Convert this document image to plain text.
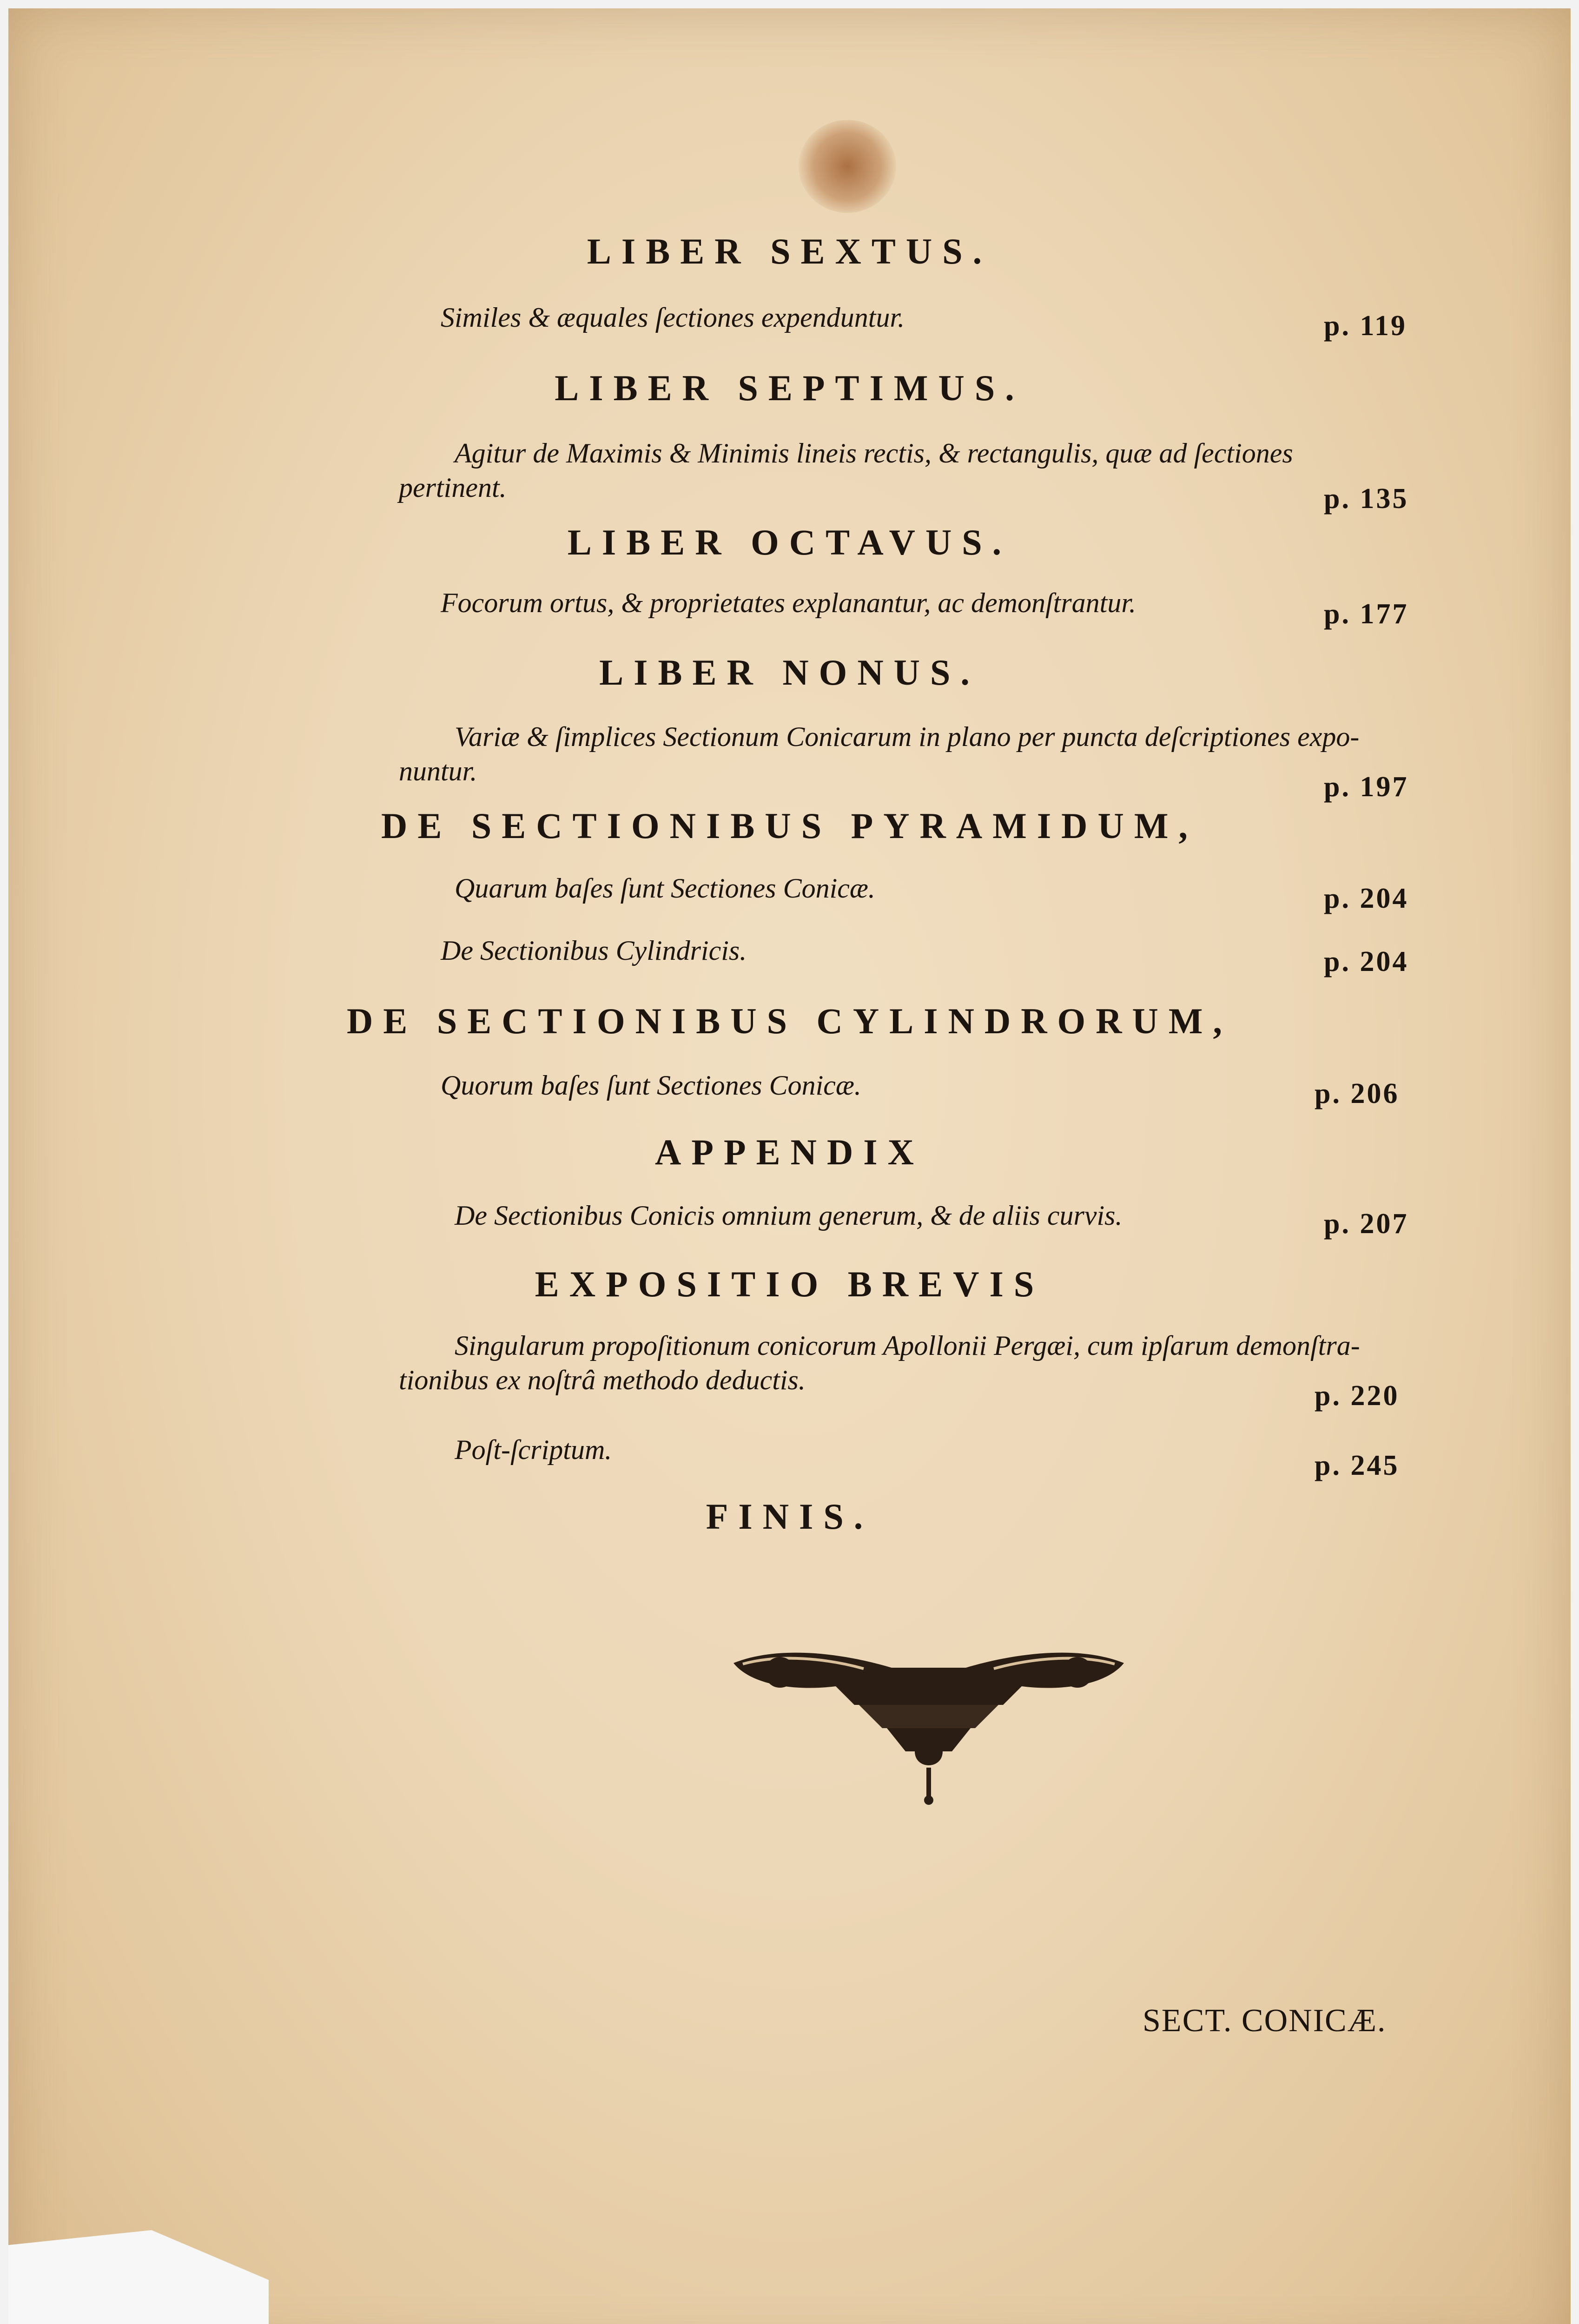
LIBER SEXTUS.
Similes & æquales ſectiones expenduntur.	p. 119
LIBER SEPTIMUS.
Agitur de Maximis & Minimis lineis rectis, & rectangulis, quæ ad ſectiones
pertinent.	p. 135
LIBER OCTAVUS.
Focorum ortus, & proprietates explanantur, ac demonſtrantur.	p. 177
LIBER NONUS.
Variæ & ſimplices Sectionum Conicarum in plano per puncta deſcriptiones expo-
nuntur.	p. 197
DE SECTIONIBUS PYRAMIDUM,
Quarum baſes ſunt Sectiones Conicæ.	p. 204
De Sectionibus Cylindricis.	p. 204
DE SECTIONIBUS CYLINDRORUM,
Quorum baſes ſunt Sectiones Conicæ.	p. 206
APPENDIX
De Sectionibus Conicis omnium generum, & de aliis curvis.	p. 207
EXPOSITIO BREVIS
Singularum propoſitionum conicorum Apollonii Pergæi, cum ipſarum demonſtra-
tionibus ex noſtrâ methodo deductis.	p. 220
Poſt-ſcriptum.	p. 245
FINIS.
SECT. CONICÆ.
